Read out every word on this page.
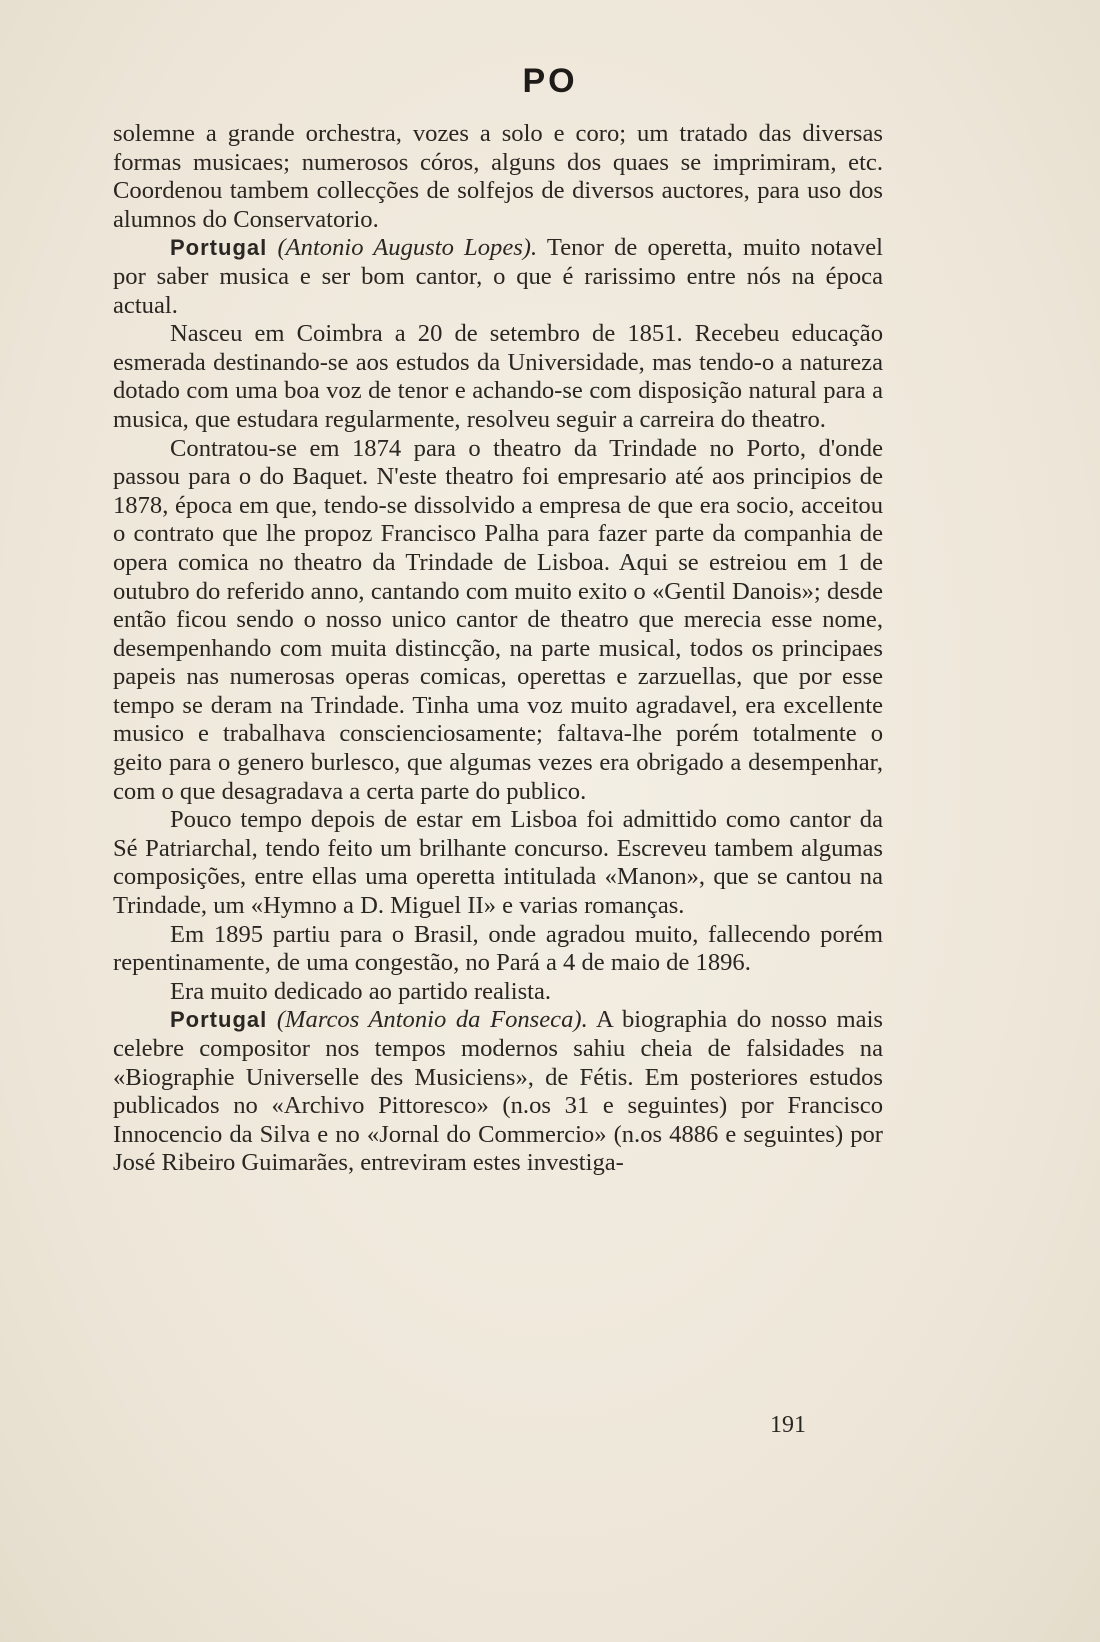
PO

solemne a grande orchestra, vozes a solo e coro; um tratado das diversas formas musicaes; numerosos córos, alguns dos quaes se imprimiram, etc. Coordenou tambem collecções de solfejos de diversos auctores, para uso dos alumnos do Conservatorio.

Portugal (Antonio Augusto Lopes). Tenor de operetta, muito notavel por saber musica e ser bom cantor, o que é rarissimo entre nós na época actual.

Nasceu em Coimbra a 20 de setembro de 1851. Recebeu educação esmerada destinando-se aos estudos da Universidade, mas tendo-o a natureza dotado com uma boa voz de tenor e achando-se com disposição natural para a musica, que estudara regularmente, resolveu seguir a carreira do theatro.

Contratou-se em 1874 para o theatro da Trindade no Porto, d'onde passou para o do Baquet. N'este theatro foi empresario até aos principios de 1878, época em que, tendo-se dissolvido a empresa de que era socio, acceitou o contrato que lhe propoz Francisco Palha para fazer parte da companhia de opera comica no theatro da Trindade de Lisboa. Aqui se estreiou em 1 de outubro do referido anno, cantando com muito exito o «Gentil Danois»; desde então ficou sendo o nosso unico cantor de theatro que merecia esse nome, desempenhando com muita distincção, na parte musical, todos os principaes papeis nas numerosas operas comicas, operettas e zarzuellas, que por esse tempo se deram na Trindade. Tinha uma voz muito agradavel, era excellente musico e trabalhava conscienciosamente; faltava-lhe porém totalmente o geito para o genero burlesco, que algumas vezes era obrigado a desempenhar, com o que desagradava a certa parte do publico.

Pouco tempo depois de estar em Lisboa foi admittido como cantor da Sé Patriarchal, tendo feito um brilhante concurso. Escreveu tambem algumas composições, entre ellas uma operetta intitulada «Manon», que se cantou na Trindade, um «Hymno a D. Miguel II» e varias romanças.

Em 1895 partiu para o Brasil, onde agradou muito, fallecendo porém repentinamente, de uma congestão, no Pará a 4 de maio de 1896.

Era muito dedicado ao partido realista.

Portugal (Marcos Antonio da Fonseca). A biographia do nosso mais celebre compositor nos tempos modernos sahiu cheia de falsidades na «Biographie Universelle des Musiciens», de Fétis. Em posteriores estudos publicados no «Archivo Pittoresco» (n.os 31 e seguintes) por Francisco Innocencio da Silva e no «Jornal do Commercio» (n.os 4886 e seguintes) por José Ribeiro Guimarães, entreviram estes investiga-

191
